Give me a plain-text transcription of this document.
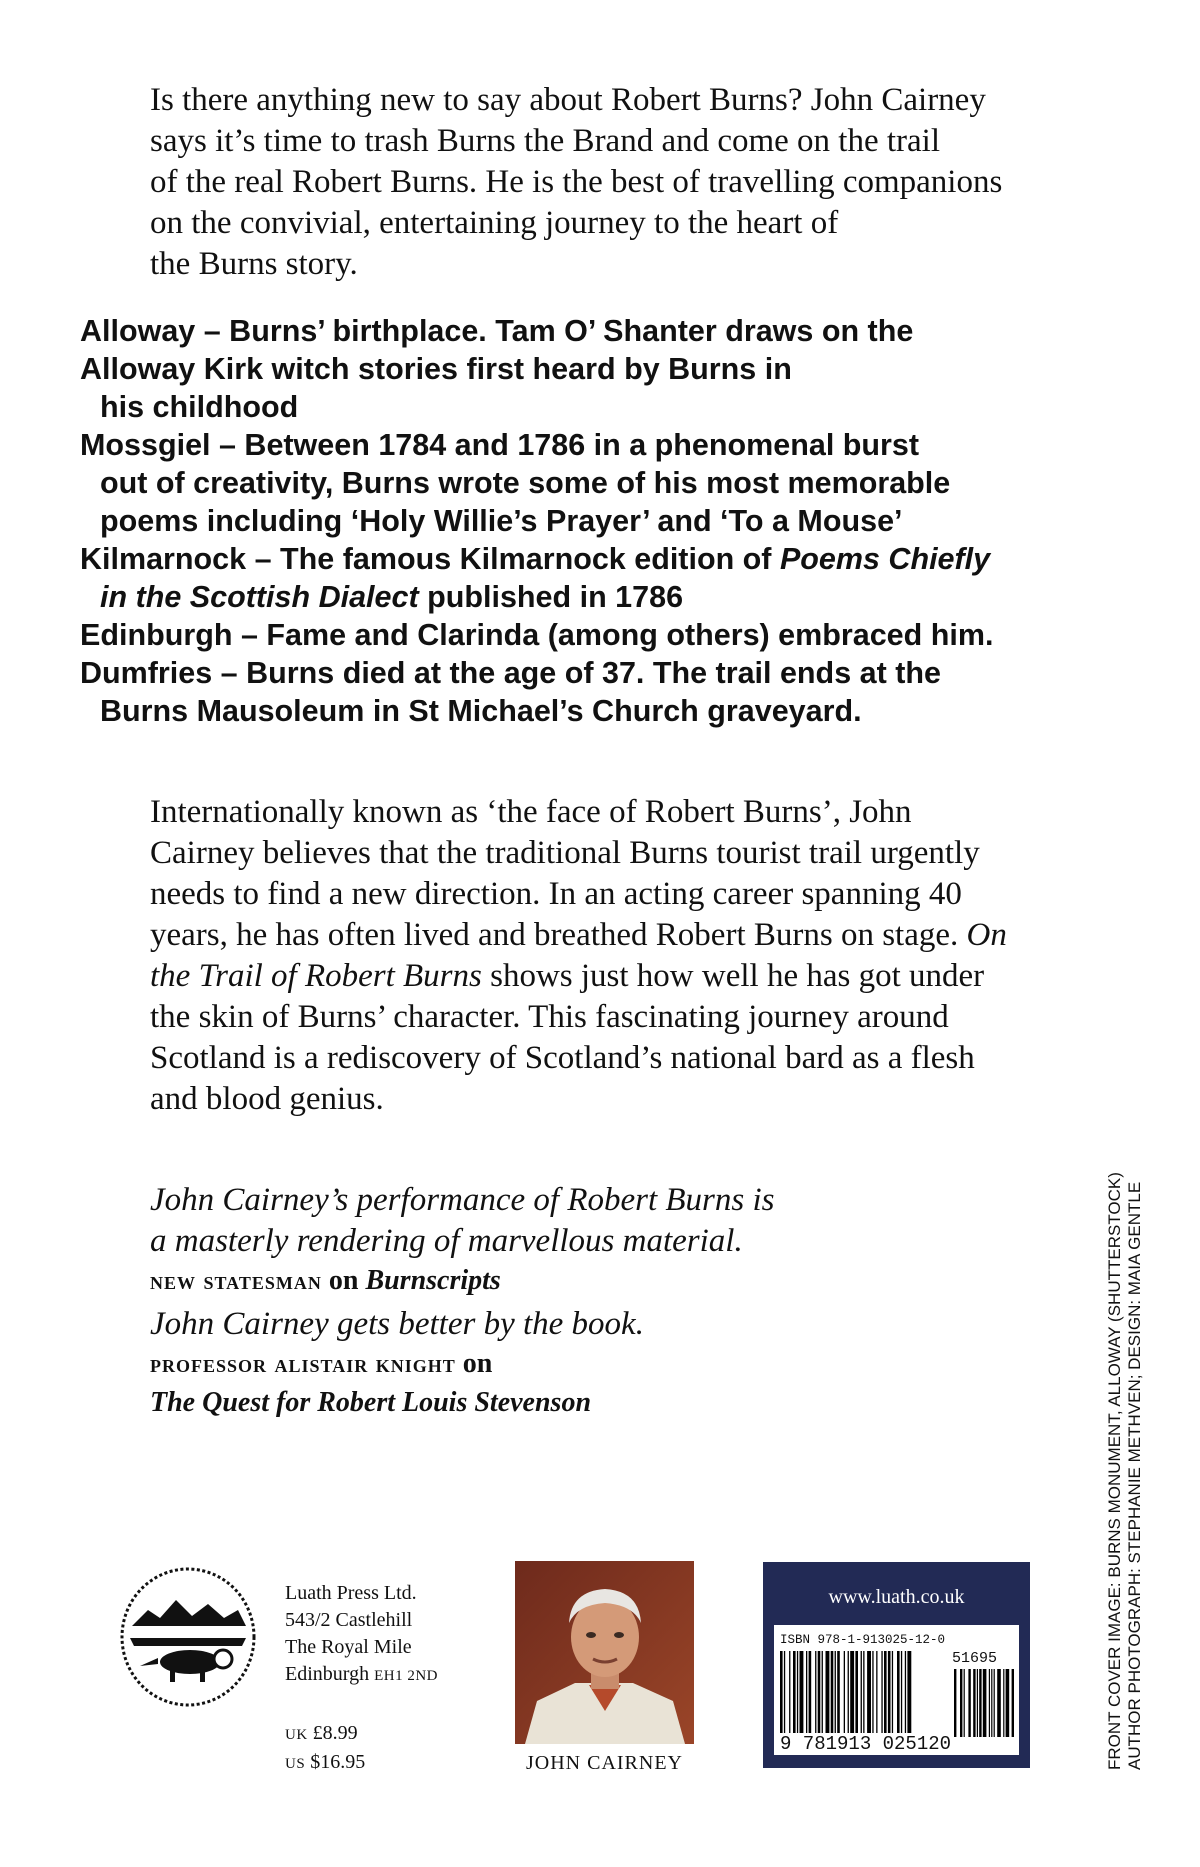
Is there anything new to say about Robert Burns? John Cairney
says it’s time to trash Burns the Brand and come on the trail
of the real Robert Burns. He is the best of travelling companions
on the convivial, entertaining journey to the heart of
the Burns story.
Alloway – Burns’ birthplace. Tam O’ Shanter draws on the
Alloway Kirk witch stories first heard by Burns in
his childhood
Mossgiel – Between 1784 and 1786 in a phenomenal burst
out of creativity, Burns wrote some of his most memorable
poems including ‘Holy Willie’s Prayer’ and ‘To a Mouse’
Kilmarnock – The famous Kilmarnock edition of Poems Chiefly
in the Scottish Dialect published in 1786
Edinburgh – Fame and Clarinda (among others) embraced him.
Dumfries – Burns died at the age of 37. The trail ends at the
Burns Mausoleum in St Michael’s Church graveyard.
Internationally known as ‘the face of Robert Burns’, John
Cairney believes that the traditional Burns tourist trail urgently
needs to find a new direction. In an acting career spanning 40
years, he has often lived and breathed Robert Burns on stage. On
the Trail of Robert Burns shows just how well he has got under
the skin of Burns’ character. This fascinating journey around
Scotland is a rediscovery of Scotland’s national bard as a flesh
and blood genius.
John Cairney’s performance of Robert Burns is
a masterly rendering of marvellous material.
new statesman on Burnscripts
John Cairney gets better by the book.
professor alistair knight on
The Quest for Robert Louis Stevenson	FRONT COVER IMAGE: BURNS MONUMENT, ALLOWAY (SHUTTERSTOCK) AUTHOR PHOTOGRAPH: STEPHANIE METHVEN; DESIGN: MAIA GENTLE
Luath Press Ltd.
543/2 Castlehill
The Royal Mile
Edinburgh EH1 2ND
UK £8.99
US $16.95	JOHN CAIRNEY
www.luath.co.uk
ISBN 978-1-913025-12-0
51695
9 781913 025120
